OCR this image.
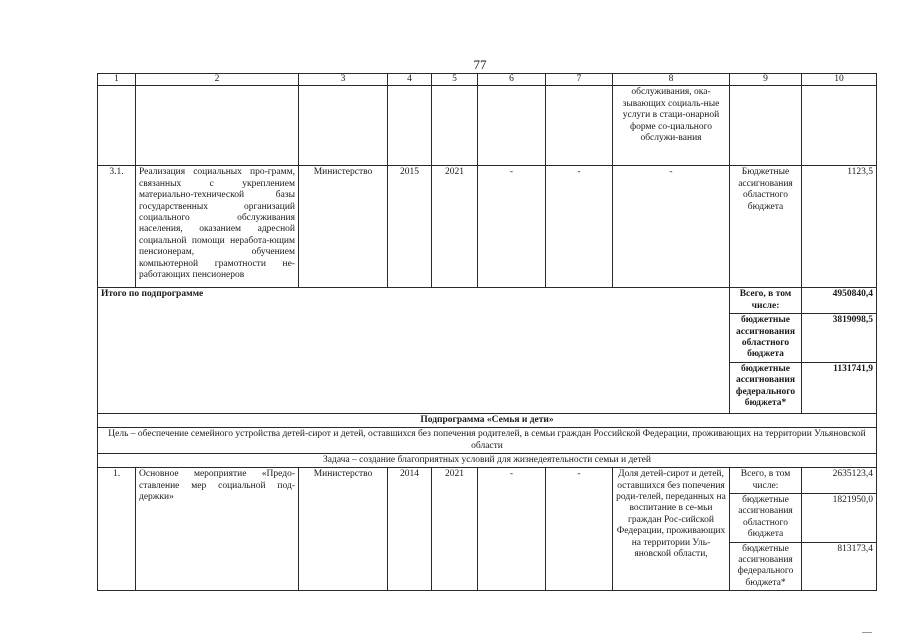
77
1	2	3	4	5	6	7	8	9	10
							обслуживания, ока-зывающих социаль-ные услуги в стаци-онарной форме со-циального обслужи-вания		
3.1.	Реализация социальных про-грамм, связанных с укреплением материально-технической базы государственных организаций социального обслуживания населения, оказанием адресной социальной помощи неработа-ющим пенсионерам, обучением компьютерной грамотности не-работающих пенсионеров	Министерство	2015	2021	-	-	-	Бюджетные ассигнования областного бюджета	1123,5
Итого по подпрограмме								Всего, в том числе:	4950840,4
								бюджетные ассигнования областного бюджета	3819098,5
								бюджетные ассигнования федерального бюджета*	1131741,9
Подпрограмма «Семья и дети»									
Цель – обеспечение семейного устройства детей-сирот и детей, оставшихся без попечения родителей, в семьи граждан Российской Федерации, проживающих на территории Ульяновской области									
Задача – создание благоприятных условий для жизнедеятельности семьи и детей									
1.	Основное мероприятие «Предо-ставление мер социальной под-держки»	Министерство	2014	2021	-	-	Доля детей-сирот и детей, оставшихся без попечения роди-телей, переданных на воспитание в се-мьи граждан Рос-сийской Федерации, проживающих на территории Уль-яновской области,	Всего, в том числе:	2635123,4
								бюджетные ассигнования областного бюджета	1821950,0
								бюджетные ассигнования федерального бюджета*	813173,4
